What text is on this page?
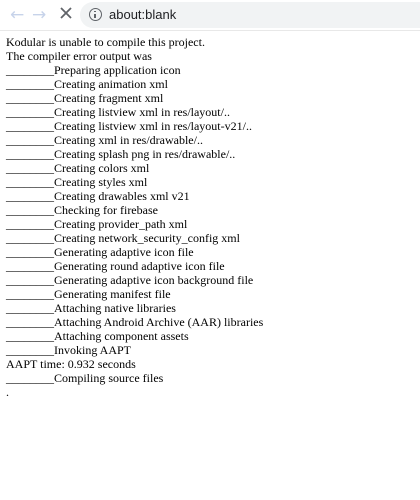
← →	about:blank
Kodular is unable to compile this project.
The compiler error output was
________Preparing application icon
________Creating animation xml
________Creating fragment xml
________Creating listview xml in res/layout/..
________Creating listview xml in res/layout-v21/..
________Creating xml in res/drawable/..
________Creating splash png in res/drawable/..
________Creating colors xml
________Creating styles xml
________Creating drawables xml v21
________Checking for firebase
________Creating provider_path xml
________Creating network_security_config xml
________Generating adaptive icon file
________Generating round adaptive icon file
________Generating adaptive icon background file
________Generating manifest file
________Attaching native libraries
________Attaching Android Archive (AAR) libraries
________Attaching component assets
________Invoking AAPT
AAPT time: 0.932 seconds
________Compiling source files
.
